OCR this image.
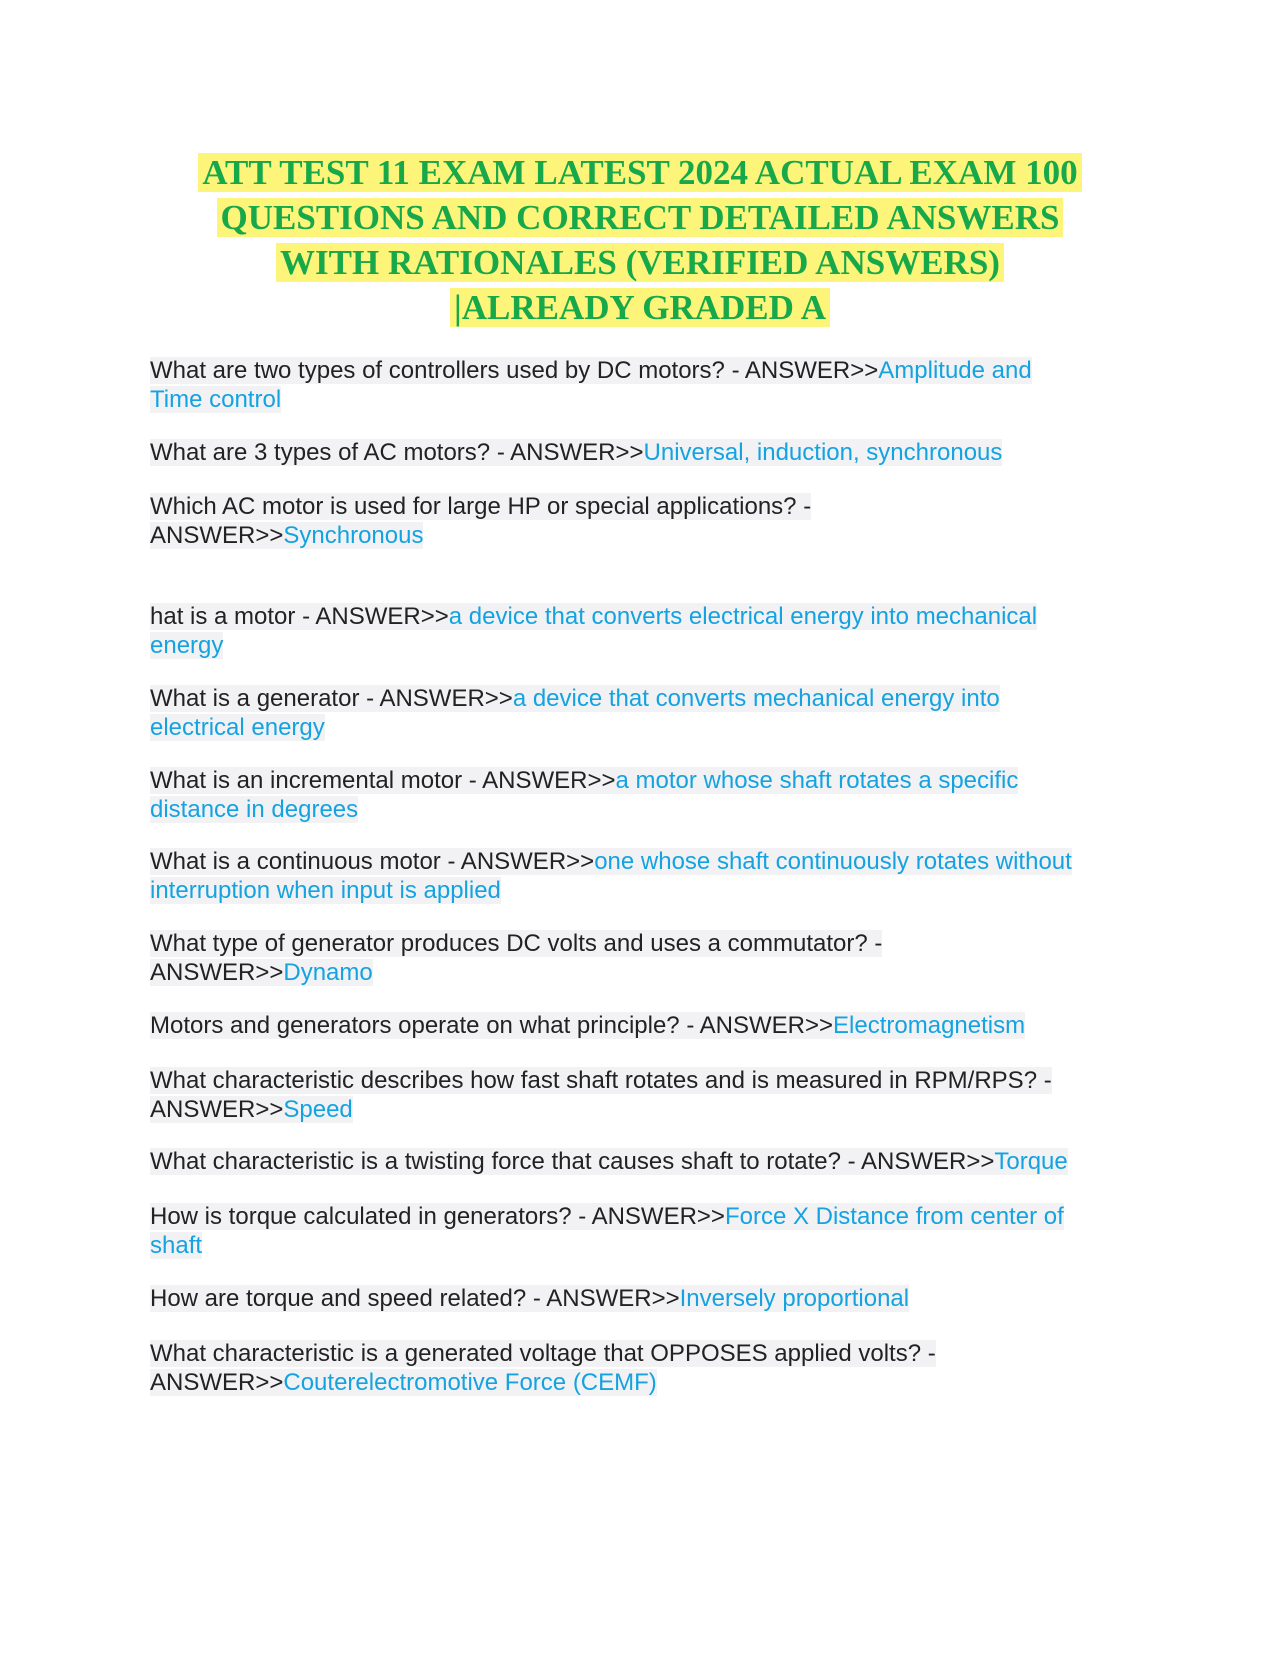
ATT TEST 11 EXAM LATEST 2024 ACTUAL EXAM 100
QUESTIONS AND CORRECT DETAILED ANSWERS
WITH RATIONALES (VERIFIED ANSWERS)
|ALREADY GRADED A
What are two types of controllers used by DC motors? - ANSWER>>Amplitude and
Time control
What are 3 types of AC motors? - ANSWER>>Universal, induction, synchronous
Which AC motor is used for large HP or special applications? -
ANSWER>>Synchronous
hat is a motor - ANSWER>>a device that converts electrical energy into mechanical
energy
What is a generator - ANSWER>>a device that converts mechanical energy into
electrical energy
What is an incremental motor - ANSWER>>a motor whose shaft rotates a specific
distance in degrees
What is a continuous motor - ANSWER>>one whose shaft continuously rotates without
interruption when input is applied
What type of generator produces DC volts and uses a commutator? -
ANSWER>>Dynamo
Motors and generators operate on what principle? - ANSWER>>Electromagnetism
What characteristic describes how fast shaft rotates and is measured in RPM/RPS? -
ANSWER>>Speed
What characteristic is a twisting force that causes shaft to rotate? - ANSWER>>Torque
How is torque calculated in generators? - ANSWER>>Force X Distance from center of
shaft
How are torque and speed related? - ANSWER>>Inversely proportional
What characteristic is a generated voltage that OPPOSES applied volts? -
ANSWER>>Couterelectromotive Force (CEMF)
